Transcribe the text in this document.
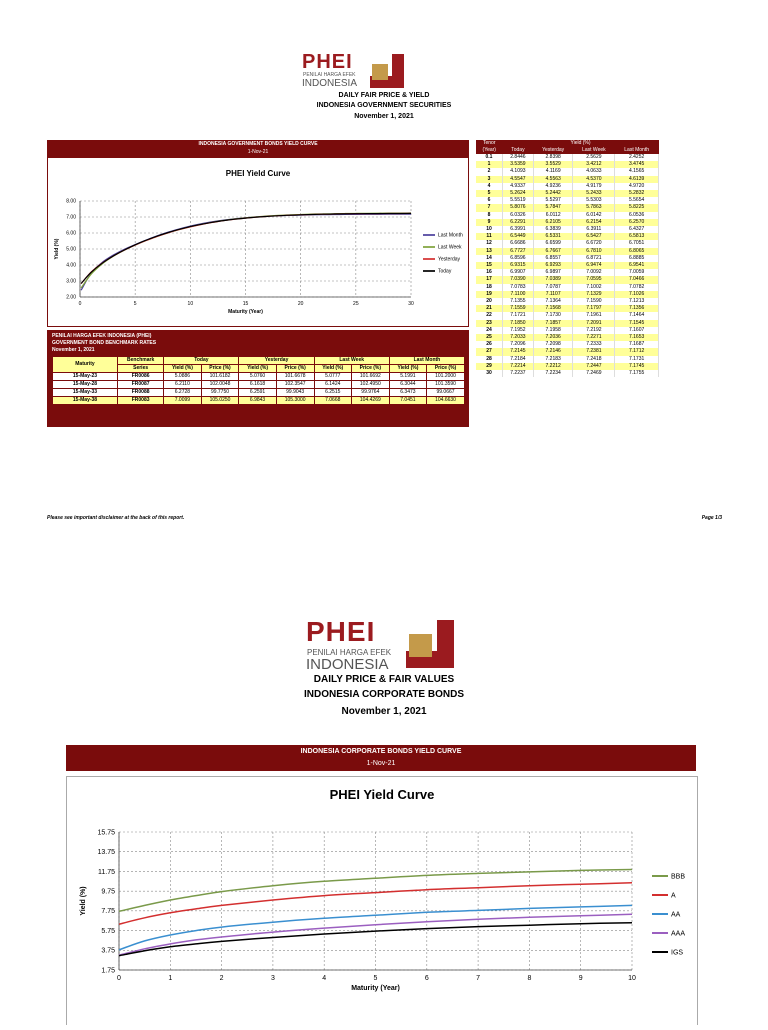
PHEI
PENILAI HARGA EFEK
INDONESIA
DAILY FAIR PRICE & YIELD
INDONESIA GOVERNMENT SECURITIES
November 1, 2021
INDONESIA GOVERNMENT BONDS YIELD CURVE
1-Nov-21
PHEI Yield Curve
2.00
3.00
4.00
5.00
6.00
7.00
8.00
0	5	10	15	20	25	30
Maturity (Year)
Yield (%)
Last Month
Last Week
Yesterday
Today
PENILAI HARGA EFEK INDONESIA (PHEI)
GOVERNMENT BOND BENCHMARK RATES
November 1, 2021
Maturity	Benchmark	Today		Yesterday		Last Week		Last Month	
	Series	Yield (%)	Price (%)	Yield (%)	Price (%)	Yield (%)	Price (%)	Yield (%)	Price (%)
15-May-23	FR0086	5.0886	101.6182	5.0760	101.6678	5.0777	101.6692	5.1991	101.2000
15-May-28	FR0087	6.2110	102.0048	6.1618	102.3547	6.1424	102.4950	6.3044	101.3590
15-May-33	FR0088	6.2728	99.7750	6.2591	99.9043	6.2515	99.9764	6.3473	99.0667
15-May-38	FR0083	7.0099	105.0250	6.9843	105.3000	7.0668	104.4269	7.0451	104.6630
Tenor	Yield (%)			
(Year)	Today	Yesterday	Last Week	Last Month
0.1	2.8446	2.8398	2.5629	2.4252
1	3.5359	3.5529	3.4212	3.4745
2	4.1093	4.1169	4.0633	4.1565
3	4.5547	4.5563	4.5370	4.6139
4	4.9337	4.9236	4.9179	4.9720
5	5.2624	5.2442	5.2433	5.2832
6	5.5519	5.5297	5.5303	5.5654
7	5.8076	5.7847	5.7863	5.8225
8	6.0326	6.0112	6.0142	6.0536
9	6.2291	6.2105	6.2154	6.2570
10	6.3991	6.3839	6.3911	6.4327
11	6.5449	6.5331	6.5427	6.5813
12	6.6686	6.6599	6.6720	6.7051
13	6.7727	6.7667	6.7810	6.8065
14	6.8596	6.8557	6.8721	6.8885
15	6.9315	6.9293	6.9474	6.9541
16	6.9907	6.9897	7.0092	7.0059
17	7.0390	7.0389	7.0595	7.0466
18	7.0783	7.0787	7.1002	7.0782
19	7.1100	7.1107	7.1329	7.1026
20	7.1355	7.1364	7.1590	7.1213
21	7.1559	7.1568	7.1797	7.1356
22	7.1721	7.1730	7.1961	7.1464
23	7.1850	7.1857	7.2091	7.1545
24	7.1952	7.1958	7.2192	7.1607
25	7.2033	7.2036	7.2271	7.1653
26	7.2096	7.2098	7.2333	7.1687
27	7.2145	7.2146	7.2381	7.1712
28	7.2184	7.2183	7.2418	7.1731
29	7.2214	7.2212	7.2447	7.1745
30	7.2237	7.2234	7.2469	7.1755
Please see important disclaimer at the back of this report.	Page 1/3
PHEI
PENILAI HARGA EFEK
INDONESIA
DAILY PRICE & FAIR VALUES
INDONESIA CORPORATE BONDS
November 1, 2021
INDONESIA CORPORATE BONDS YIELD CURVE
1-Nov-21
PHEI Yield Curve
1.75
3.75
5.75
7.75
9.75
11.75
13.75
15.75
0	1	2	3	4	5	6	7	8	9	10
Maturity (Year)
Yield (%)
BBB
A
AA
AAA
IGS
